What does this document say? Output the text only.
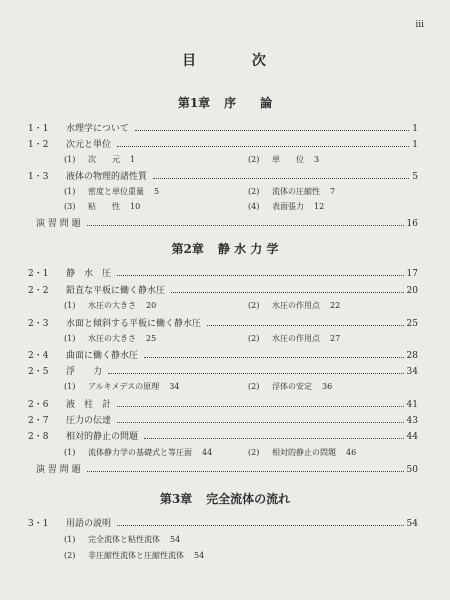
iii
目	次
第1章 序　　論
1・1	水理学について	1
1・2	次元と単位	1
(1) 次　　元 1	(2) 単　　位 3
1・3	液体の物理的諸性質	5
(1) 密度と単位重量 5	(2) 流体の圧縮性 7
(3) 粘　　性 10	(4) 表面張力 12
演 習 問 題	16
第2章 静 水 力 学
2・1	静　水　圧	17
2・2	鉛直な平板に働く静水圧	20
(1) 水圧の大きさ 20	(2) 水圧の作用点 22
2・3	水面と傾斜する平板に働く静水圧	25
(1) 水圧の大きさ 25	(2) 水圧の作用点 27
2・4	曲面に働く静水圧	28
2・5	浮　　力	34
(1) アルキメデスの原理 34	(2) 浮体の安定 36
2・6	液　柱　計	41
2・7	圧力の伝達	43
2・8	相対的静止の問題	44
(1) 流体静力学の基礎式と等圧面 44	(2) 相対的静止の問題 46
演 習 問 題	50
第3章 完全流体の流れ
3・1	用語の説明	54
(1) 完全流体と粘性流体 54
(2) 非圧縮性流体と圧縮性流体 54
